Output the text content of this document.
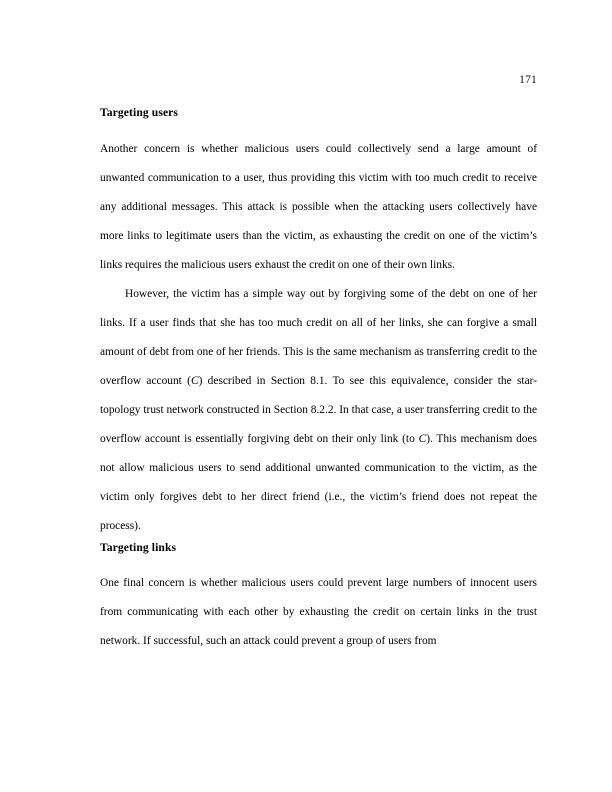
171
Targeting users

Another concern is whether malicious users could collectively send a large amount of unwanted communication to a user, thus providing this victim with too much credit to receive any additional messages. This attack is possible when the attacking users collectively have more links to legitimate users than the victim, as exhausting the credit on one of the victim’s links requires the malicious users exhaust the credit on one of their own links.

However, the victim has a simple way out by forgiving some of the debt on one of her links. If a user finds that she has too much credit on all of her links, she can forgive a small amount of debt from one of her friends. This is the same mechanism as transferring credit to the overflow account (C) described in Section 8.1. To see this equivalence, consider the star-topology trust network constructed in Section 8.2.2. In that case, a user transferring credit to the overflow account is essentially forgiving debt on their only link (to C). This mechanism does not allow malicious users to send additional unwanted communication to the victim, as the victim only forgives debt to her direct friend (i.e., the victim’s friend does not repeat the process).

Targeting links

One final concern is whether malicious users could prevent large numbers of innocent users from communicating with each other by exhausting the credit on certain links in the trust network. If successful, such an attack could prevent a group of users from
